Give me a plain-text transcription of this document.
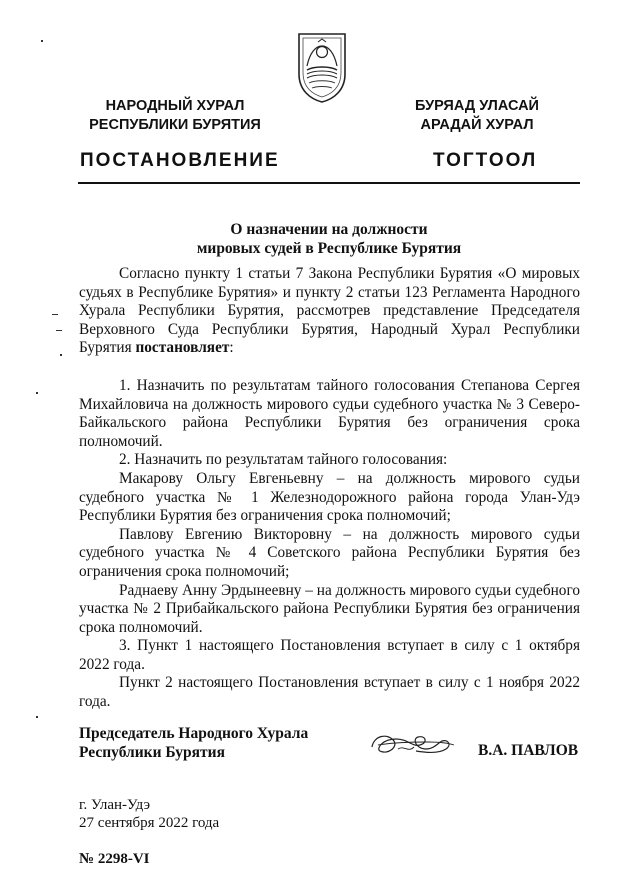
НАРОДНЫЙ ХУРАЛ
РЕСПУБЛИКИ БУРЯТИЯ
БУРЯАД УЛАСАЙ
АРАДАЙ ХУРАЛ
ПОСТАНОВЛЕНИЕ	ТОГТООЛ
О назначении на должности
мировых судей в Республике Бурятия

Согласно пункту 1 статьи 7 Закона Республики Бурятия «О мировых судьях в Республике Бурятия» и пункту 2 статьи 123 Регламента Народного Хурала Республики Бурятия, рассмотрев представление Председателя Верховного Суда Республики Бурятия, Народный Хурал Республики Бурятия постановляет:

1. Назначить по результатам тайного голосования Степанова Сергея Михайловича на должность мирового судьи судебного участка № 3 Северо-Байкальского района Республики Бурятия без ограничения срока полномочий.

2. Назначить по результатам тайного голосования:

Макарову Ольгу Евгеньевну – на должность мирового судьи судебного участка № 1 Железнодорожного района города Улан-Удэ Республики Бурятия без ограничения срока полномочий;

Павлову Евгению Викторовну – на должность мирового судьи судебного участка № 4 Советского района Республики Бурятия без ограничения срока полномочий;

Раднаеву Анну Эрдынеевну – на должность мирового судьи судебного участка № 2 Прибайкальского района Республики Бурятия без ограничения срока полномочий.

3. Пункт 1 настоящего Постановления вступает в силу с 1 октября 2022 года.

Пункт 2 настоящего Постановления вступает в силу с 1 ноября 2022 года.

Председатель Народного Хурала
Республики Бурятия	В.А. ПАВЛОВ
г. Улан-Удэ
27 сентября 2022 года
№ 2298-VI
